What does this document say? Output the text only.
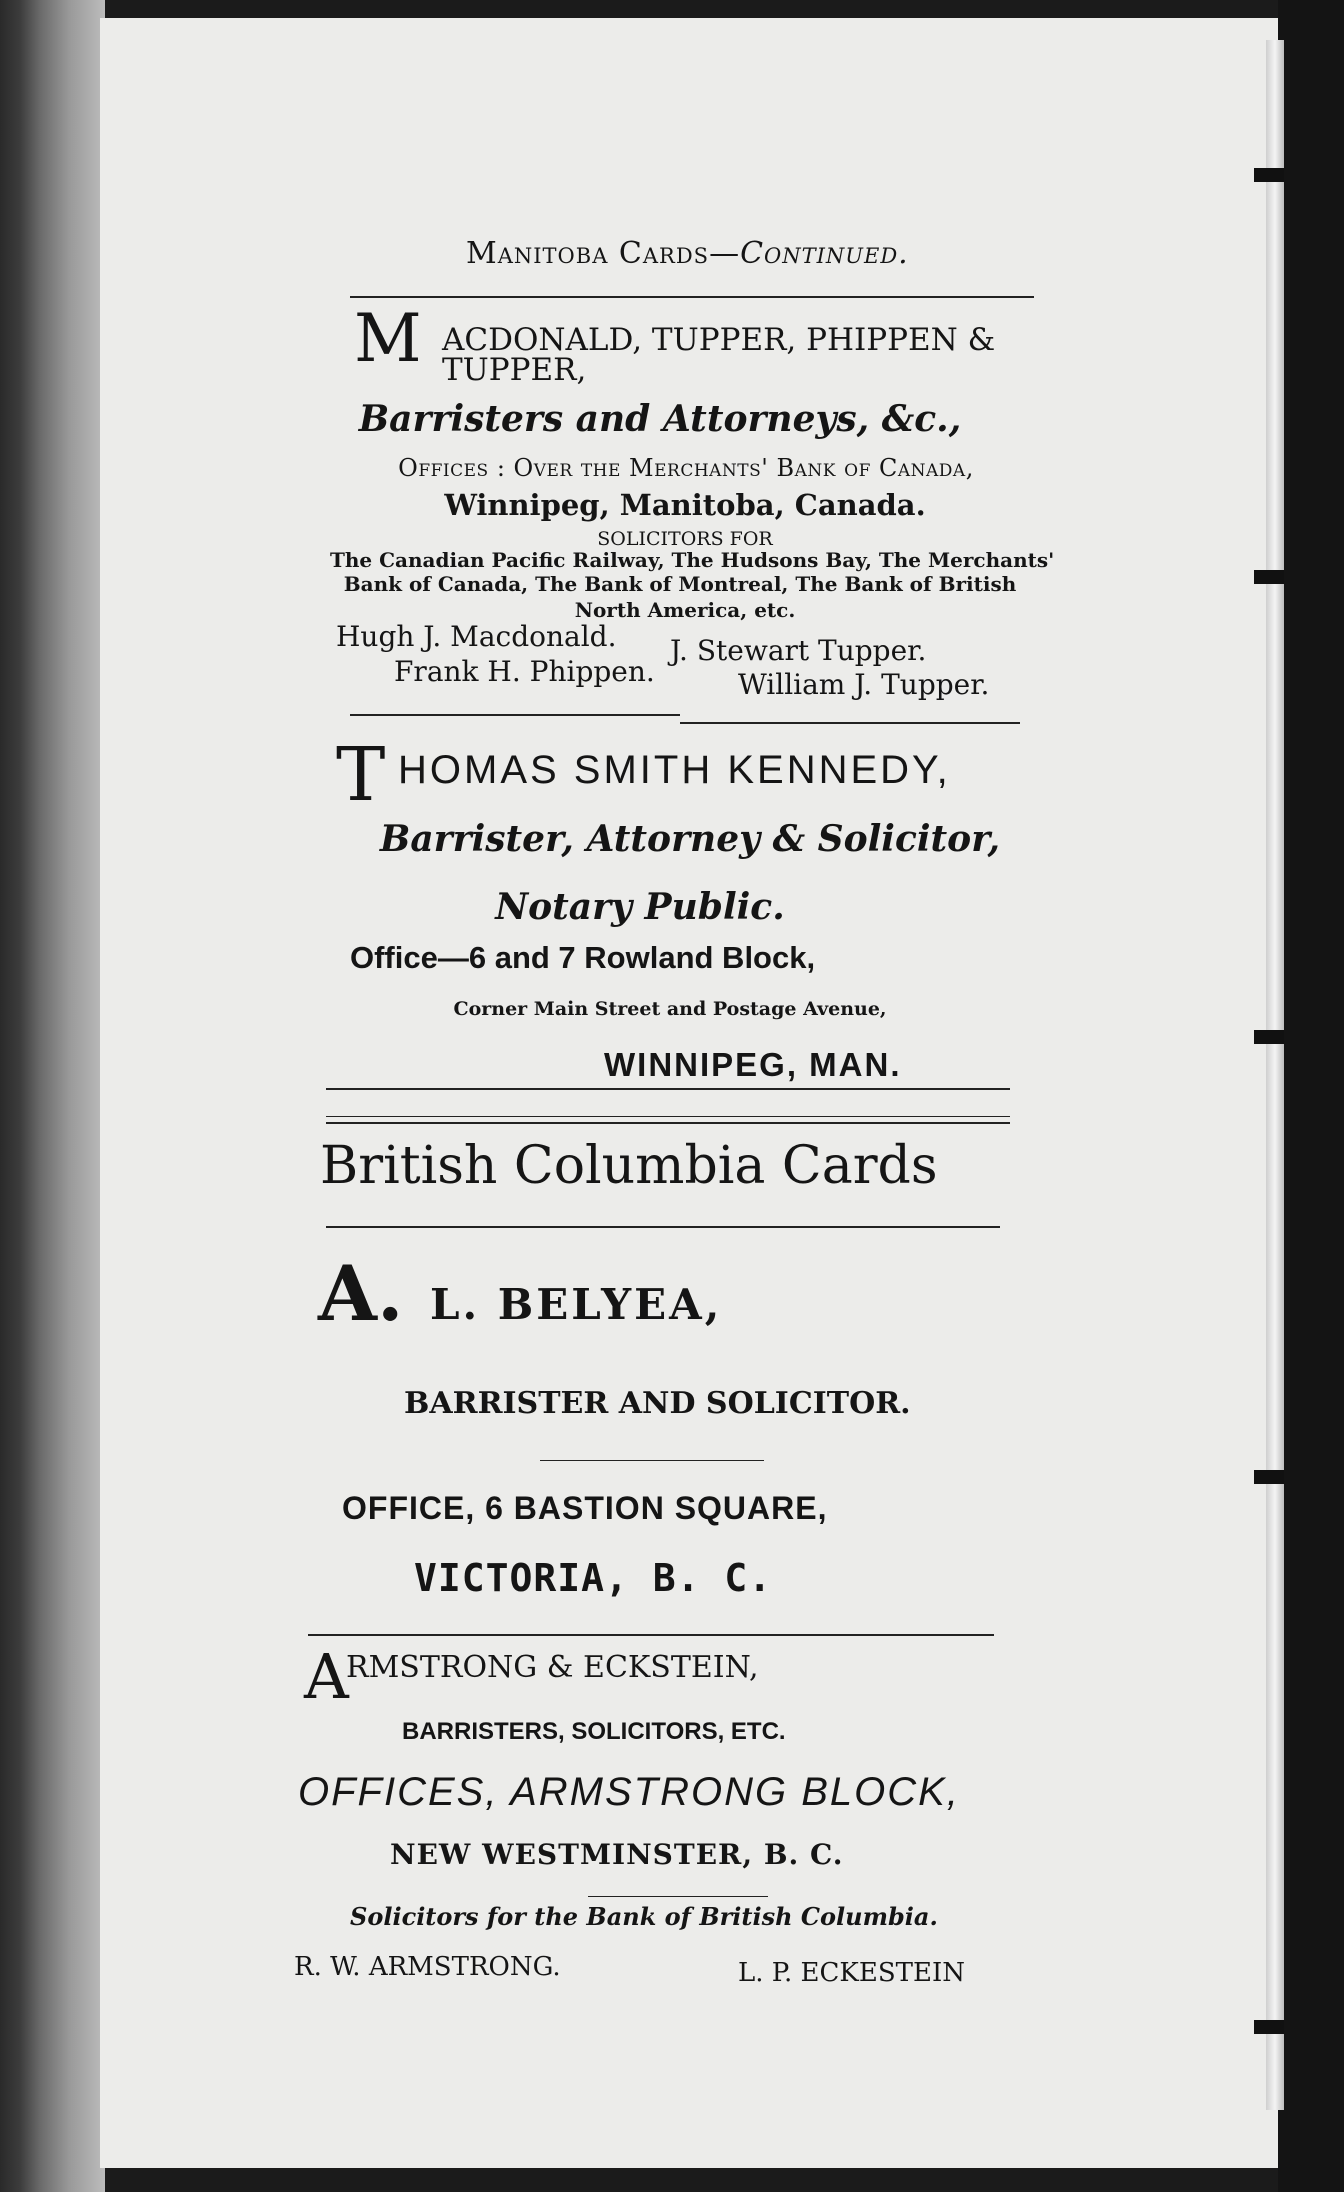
Manitoba Cards—Continued.
M ACDONALD, TUPPER, PHIPPEN &
TUPPER,
Barristers and Attorneys, &c.,
Offices : Over the Merchants' Bank of Canada,
Winnipeg, Manitoba, Canada.
SOLICITORS FOR
The Canadian Pacific Railway, The Hudsons Bay, The Merchants'
Bank of Canada, The Bank of Montreal, The Bank of British
North America, etc.
Hugh J. Macdonald. J. Stewart Tupper.
Frank H. Phippen.	William J. Tupper.
T HOMAS SMITH KENNEDY,
Barrister, Attorney & Solicitor,
Notary Public.
Office—6 and 7 Rowland Block,
Corner Main Street and Postage Avenue,
WINNIPEG, MAN.
British Columbia Cards
A. L. BELYEA,
BARRISTER AND SOLICITOR.
OFFICE, 6 BASTION SQUARE,
VICTORIA, B. C.
A
RMSTRONG & ECKSTEIN,
BARRISTERS, SOLICITORS, ETC.
OFFICES, ARMSTRONG BLOCK,
NEW WESTMINSTER, B. C.
Solicitors for the Bank of British Columbia.
R. W. ARMSTRONG.	L. P. ECKESTEIN
